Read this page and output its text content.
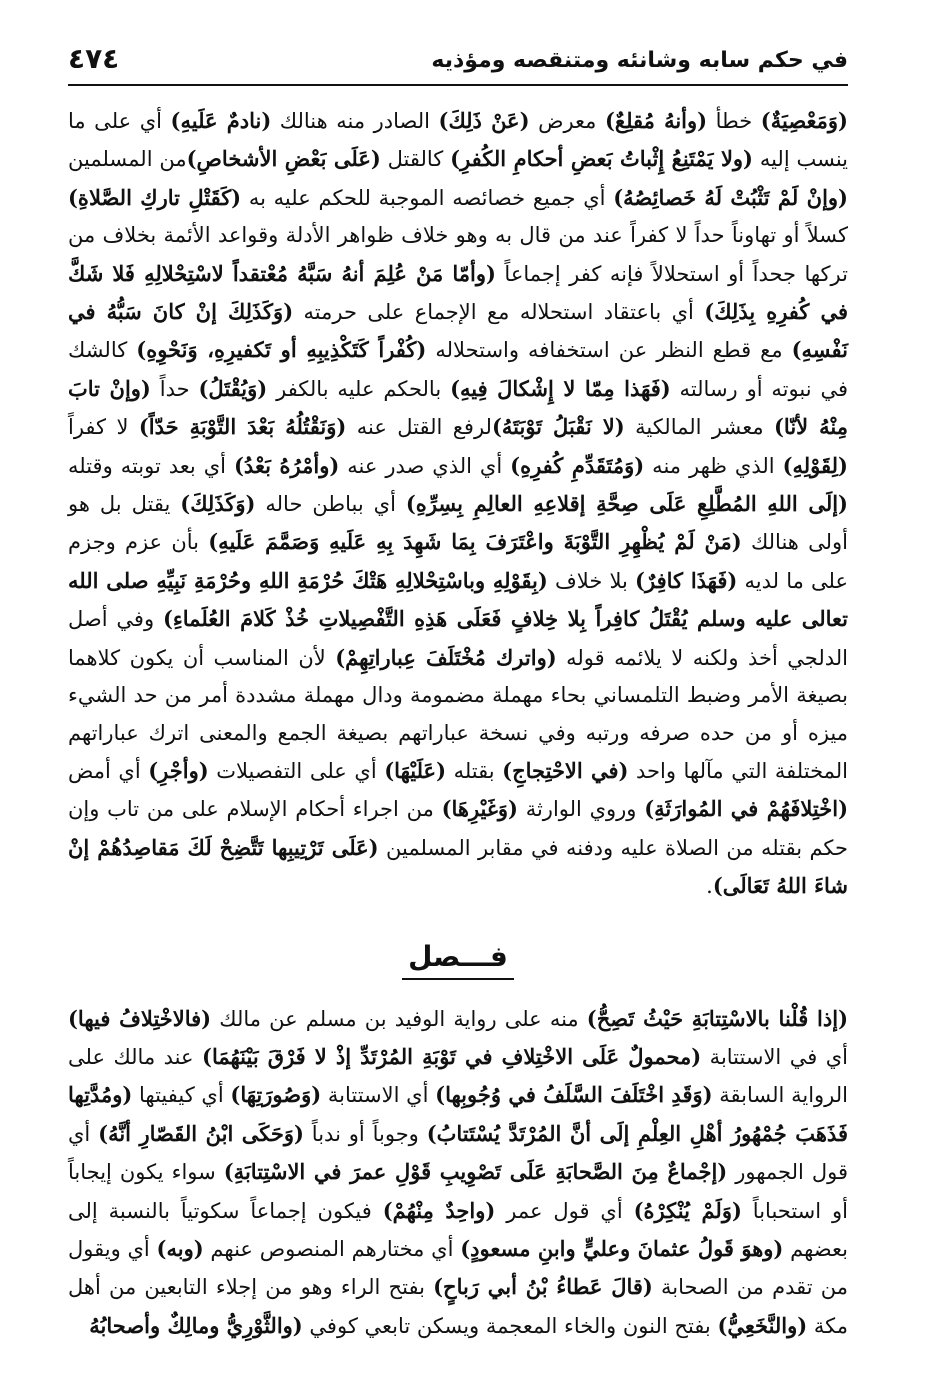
في حكم سابه وشانئه ومتنقصه ومؤذيه
٤٧٤

(وَمَعْصِيَةٌ) خطأ (وأنهُ مُقلِعٌ) معرض (عَنْ ذَلِكَ) الصادر منه هنالك (نادمٌ عَلَيهِ) أي على ما ينسب إليه (ولا يَمْتَنِعُ إِثْباتُ بَعضِ أحكامِ الكُفرِ) كالقتل (عَلَى بَعْضِ الأشخاصِ)من المسلمين (وإنْ لَمْ تَثْبُتْ لَهُ خَصائِصُهُ) أي جميع خصائصه الموجبة للحكم عليه به (كَقَتْلِ تاركِ الصَّلاةِ) كسلاً أو تهاوناً حداً لا كفراً عند من قال به وهو خلاف ظواهر الأدلة وقواعد الأئمة بخلاف من تركها جحداً أو استحلالاً فإنه كفر إجماعاً (وأمّا مَنْ عُلِمَ أنهُ سَبَّهُ مُعْتقداً لاسْتِحْلالِهِ فَلا شَكَّ في كُفرِهِ بِذَلِكَ) أي باعتقاد استحلاله مع الإجماع على حرمته (وَكَذَلِكَ إنْ كانَ سَبُّهُ في نَفْسِهِ) مع قطع النظر عن استخفافه واستحلاله (كُفْراً كَتَكْذِيبِهِ أو تَكفيرِهِ، وَنَحْوِهِ) كالشك في نبوته أو رسالته (فَهَذا مِمّا لا إِشْكالَ فِيهِ) بالحكم عليه بالكفر (وَيُقْتَلُ) حداً (وإنْ تابَ مِنْهُ لأنّا) معشر المالكية (لا نَقْبَلُ تَوْبَتَهُ)لرفع القتل عنه (وَنَقْتُلُهُ بَعْدَ التَّوْبَةِ حَدّاً) لا كفراً (لِقَوْلِهِ) الذي ظهر منه (وَمُتَقَدِّمِ كُفرِهِ) أي الذي صدر عنه (وأمْرُهُ بَعْدُ) أي بعد توبته وقتله (إلَى اللهِ المُطَّلِعِ عَلَى صِحَّةِ إقلاعِهِ العالِمِ بِسِرِّهِ) أي بباطن حاله (وَكَذَلِكَ) يقتل بل هو أولى هنالك (مَنْ لَمْ يُظْهِرِ التَّوْبَةَ واعْتَرَفَ بِمَا شَهِدَ بِهِ عَلَيهِ وَصَمَّمَ عَلَيهِ) بأن عزم وجزم على ما لديه (فَهَذَا كافِرٌ) بلا خلاف (بِقَوْلِهِ وباسْتِحْلالِهِ هَتْكَ حُرْمَةِ اللهِ وحُرْمَةِ نَبِيِّهِ صلى الله تعالى عليه وسلم يُقْتَلُ كافِراً بِلا خِلافٍ فَعَلَى هَذِهِ التَّفْصِيلاتِ خُذْ كَلامَ العُلَماءِ) وفي أصل الدلجي أخذ ولكنه لا يلائمه قوله (واترك مُخْتَلَفَ عِباراتِهِمْ) لأن المناسب أن يكون كلاهما بصيغة الأمر وضبط التلمساني بحاء مهملة مضمومة ودال مهملة مشددة أمر من حد الشيء ميزه أو من حده صرفه ورتبه وفي نسخة عباراتهم بصيغة الجمع والمعنى اترك عباراتهم المختلفة التي مآلها واحد (في الاحْتِجاجِ) بقتله (عَلَيْهَا) أي على التفصيلات (وأجْرِ) أي أمض (اخْتِلافَهُمْ في المُوارَثَةِ) وروي الوارثة (وَغَيْرِهَا) من اجراء أحكام الإسلام على من تاب وإن حكم بقتله من الصلاة عليه ودفنه في مقابر المسلمين (عَلَى تَرْتِيبِها تَتَّضِحْ لَكَ مَقاصِدُهُمْ إنْ شاءَ اللهُ تَعَالَى).

فـــصل

(إذا قُلْنا بالاسْتِتابَةِ حَيْثُ تَصِحُّ) منه على رواية الوفيد بن مسلم عن مالك (فالاخْتِلافُ فيها) أي في الاستتابة (محمولٌ عَلَى الاخْتِلافِ في تَوْبَةِ المُرْتَدِّ إذْ لا فَرْقَ بَيْنَهُمَا) عند مالك على الرواية السابقة (وَقَدِ اخْتَلَفَ السَّلَفُ في وُجُوبِها) أي الاستتابة (وَصُورَتِهَا) أي كيفيتها (ومُدَّتِها فَذَهَبَ جُمْهُورُ أهْلِ العِلْمِ إلَى أنَّ المُرْتَدَّ يُسْتَتابُ) وجوباً أو ندباً (وَحَكَى ابْنُ القَصّارِ أنَّهُ) أي قول الجمهور (إجْماعٌ مِنَ الصَّحابَةِ عَلَى تَصْوِيبِ قَوْلِ عمرَ في الاسْتِتابَةِ) سواء يكون إيجاباً أو استحباباً (وَلَمْ يُنْكِرْهُ) أي قول عمر (واحِدٌ مِنْهُمْ) فيكون إجماعاً سكوتياً بالنسبة إلى بعضهم (وهوَ قَولُ عثمانَ وعليٍّ وابنِ مسعودٍ) أي مختارهم المنصوص عنهم (وبه) أي ويقول من تقدم من الصحابة (قالَ عَطاءُ بْنُ أبي رَباحٍ) بفتح الراء وهو من إجلاء التابعين من أهل مكة (والنَّخَعِيُّ) بفتح النون والخاء المعجمة ويسكن تابعي كوفي (والثَّوْرِيُّ ومالِكٌ وأصحابُهُ
